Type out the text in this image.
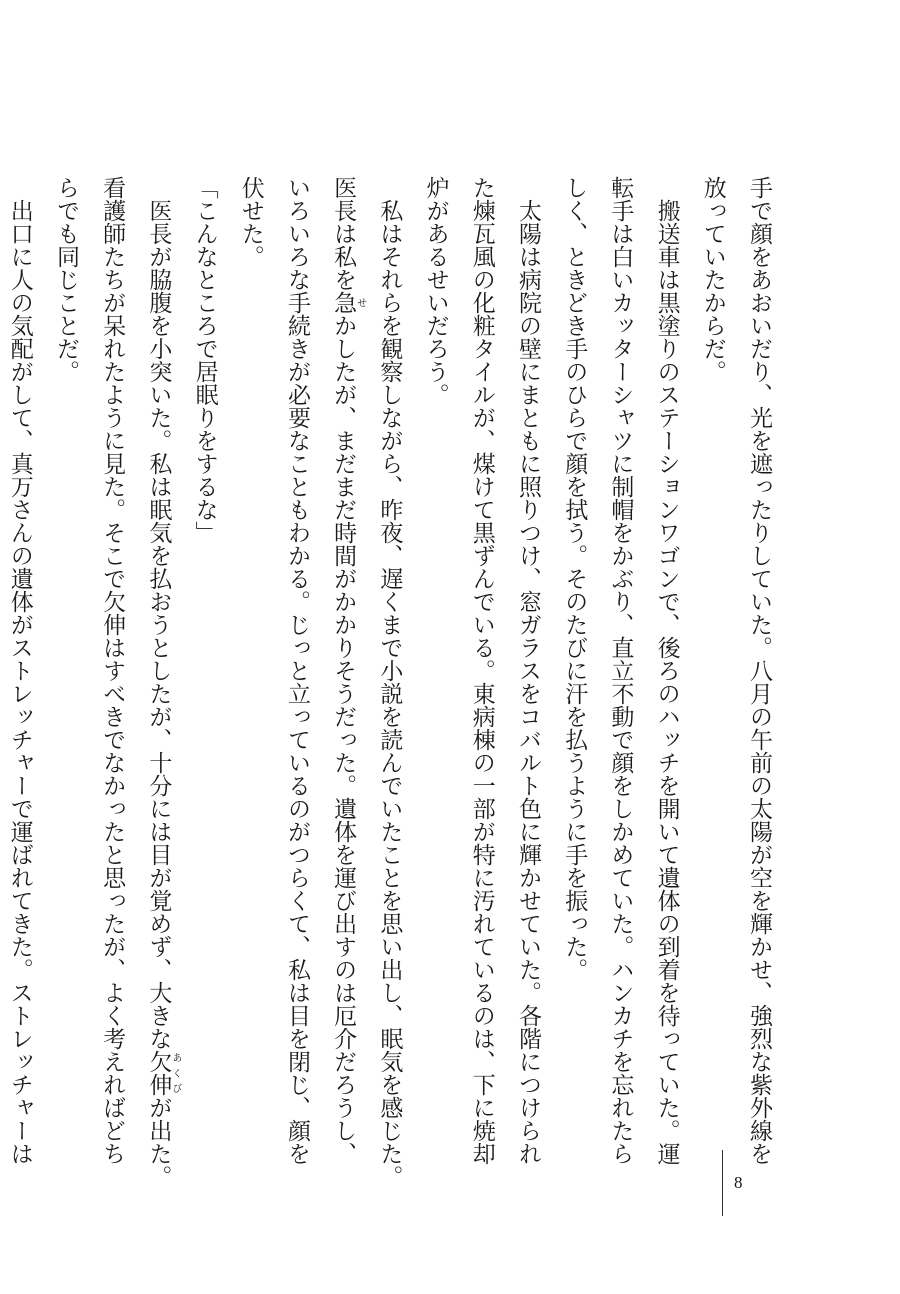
手で顔をあおいだり、光を遮ったりしていた。八月の午前の太陽が空を輝かせ、強烈な紫外線を

放っていたからだ。

　搬送車は黒塗りのステーションワゴンで、後ろのハッチを開いて遺体の到着を待っていた。運

転手は白いカッターシャツに制帽をかぶり、直立不動で顔をしかめていた。ハンカチを忘れたら

しく、ときどき手のひらで顔を拭う。そのたびに汗を払うように手を振った。

　太陽は病院の壁にまともに照りつけ、窓ガラスをコバルト色に輝かせていた。各階につけられ

た煉瓦風の化粧タイルが、煤けて黒ずんでいる。東病棟の一部が特に汚れているのは、下に焼却

炉があるせいだろう。

　私はそれらを観察しながら、昨夜、遅くまで小説を読んでいたことを思い出し、眠気を感じた。

医長は私を急せかしたが、まだまだ時間がかかりそうだった。遺体を運び出すのは厄介だろうし、

いろいろな手続きが必要なこともわかる。じっと立っているのがつらくて、私は目を閉じ、顔を

伏せた。

「こんなところで居眠りをするな」

　医長が脇腹を小突いた。私は眠気を払おうとしたが、十分には目が覚めず、大きな欠伸あくびが出た。

看護師たちが呆れたように見た。そこで欠伸はすべきでなかったと思ったが、よく考えればどち

らでも同じことだ。

　出口に人の気配がして、真万さんの遺体がストレッチャーで運ばれてきた。ストレッチャーは

8
